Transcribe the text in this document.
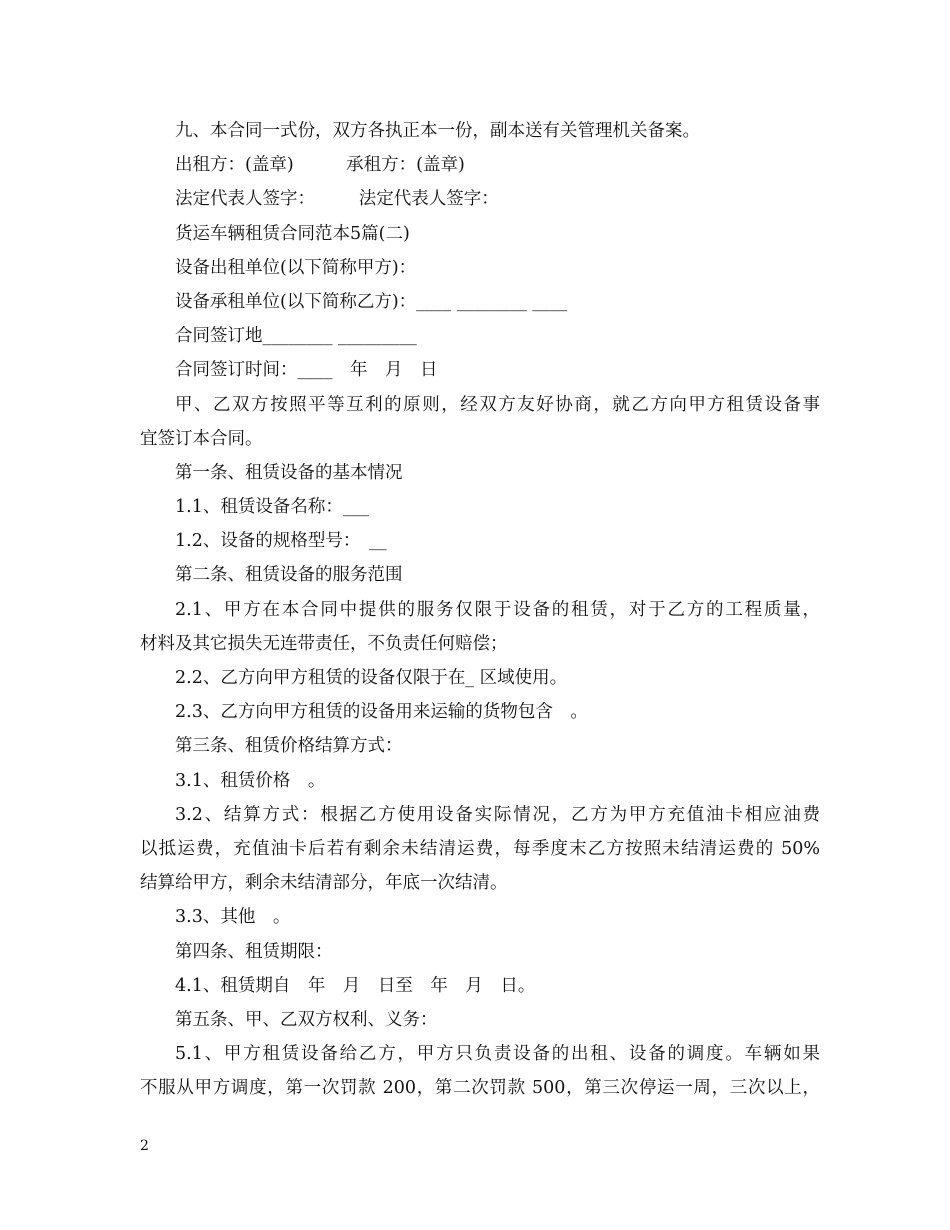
九、本合同一式份，双方各执正本一份，副本送有关管理机关备案。
出租方：(盖章)　　　承租方：(盖章)
法定代表人签字：　　　法定代表人签字：
货运车辆租赁合同范本5篇(二)
设备出租单位(以下简称甲方)：
设备承租单位(以下简称乙方)：____ ________ ____
合同签订地________ _________
合同签订时间：____　年　月　日
甲、乙双方按照平等互利的原则，经双方友好协商，就乙方向甲方租赁设备事
宜签订本合同。
第一条、租赁设备的基本情况
1.1、租赁设备名称：___
1.2、设备的规格型号：　__
第二条、租赁设备的服务范围
2.1、甲方在本合同中提供的服务仅限于设备的租赁，对于乙方的工程质量，
材料及其它损失无连带责任，不负责任何赔偿；
2.2、乙方向甲方租赁的设备仅限于在_ 区域使用。
2.3、乙方向甲方租赁的设备用来运输的货物包含　。
第三条、租赁价格结算方式：
3.1、租赁价格　。
3.2、结算方式：根据乙方使用设备实际情况，乙方为甲方充值油卡相应油费
以抵运费，充值油卡后若有剩余未结清运费，每季度末乙方按照未结清运费的 50%
结算给甲方，剩余未结清部分，年底一次结清。
3.3、其他　。
第四条、租赁期限：
4.1、租赁期自　年　月　日至　年　月　日。
第五条、甲、乙双方权利、义务：
5.1、甲方租赁设备给乙方，甲方只负责设备的出租、设备的调度。车辆如果
不服从甲方调度，第一次罚款 200，第二次罚款 500，第三次停运一周，三次以上，
2
